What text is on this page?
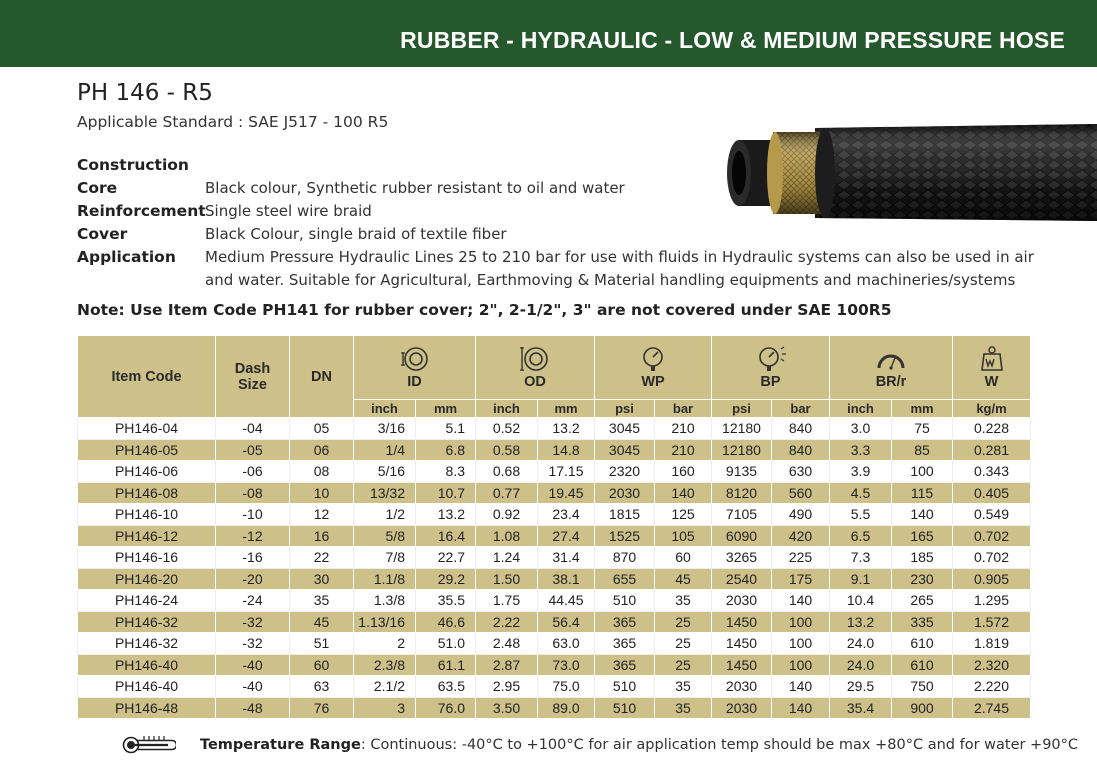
RUBBER - HYDRAULIC - LOW & MEDIUM PRESSURE HOSE
PH 146 - R5
Applicable Standard : SAE J517 - 100 R5
Construction
Core	Black colour, Synthetic rubber resistant to oil and water
Reinforcement Single steel wire braid
Cover	Black Colour, single braid of textile fiber
Application	Medium Pressure Hydraulic Lines 25 to 210 bar for use with fluids in Hydraulic systems can also be used in air and water. Suitable for Agricultural, Earthmoving & Material handling equipments and machineries/systems
Note: Use Item Code PH141 for rubber cover; 2", 2-1/2", 3" are not covered under SAE 100R5
Item Code	Dash Size	DN	ID		OD		WP		BP		BR/r		W

			inch	mm	inch	mm	psi	bar	psi	bar	inch	mm	kg/m
PH146-04	-04	05	3/16	5.1	0.52	13.2	3045	210	12180	840	3.0	75	0.228
PH146-05	-05	06	1/4	6.8	0.58	14.8	3045	210	12180	840	3.3	85	0.281
PH146-06	-06	08	5/16	8.3	0.68	17.15	2320	160	9135	630	3.9	100	0.343
PH146-08	-08	10	13/32	10.7	0.77	19.45	2030	140	8120	560	4.5	115	0.405
PH146-10	-10	12	1/2	13.2	0.92	23.4	1815	125	7105	490	5.5	140	0.549
PH146-12	-12	16	5/8	16.4	1.08	27.4	1525	105	6090	420	6.5	165	0.702
PH146-16	-16	22	7/8	22.7	1.24	31.4	870	60	3265	225	7.3	185	0.702
PH146-20	-20	30	1.1/8	29.2	1.50	38.1	655	45	2540	175	9.1	230	0.905
PH146-24	-24	35	1.3/8	35.5	1.75	44.45	510	35	2030	140	10.4	265	1.295
PH146-32	-32	45	1.13/16	46.6	2.22	56.4	365	25	1450	100	13.2	335	1.572
PH146-32	-32	51	2	51.0	2.48	63.0	365	25	1450	100	24.0	610	1.819
PH146-40	-40	60	2.3/8	61.1	2.87	73.0	365	25	1450	100	24.0	610	2.320
PH146-40	-40	63	2.1/2	63.5	2.95	75.0	510	35	2030	140	29.5	750	2.220
PH146-48	-48	76	3	76.0	3.50	89.0	510	35	2030	140	35.4	900	2.745
Temperature Range: Continuous: -40°C to +100°C for air application temp should be max +80°C and for water +90°C
